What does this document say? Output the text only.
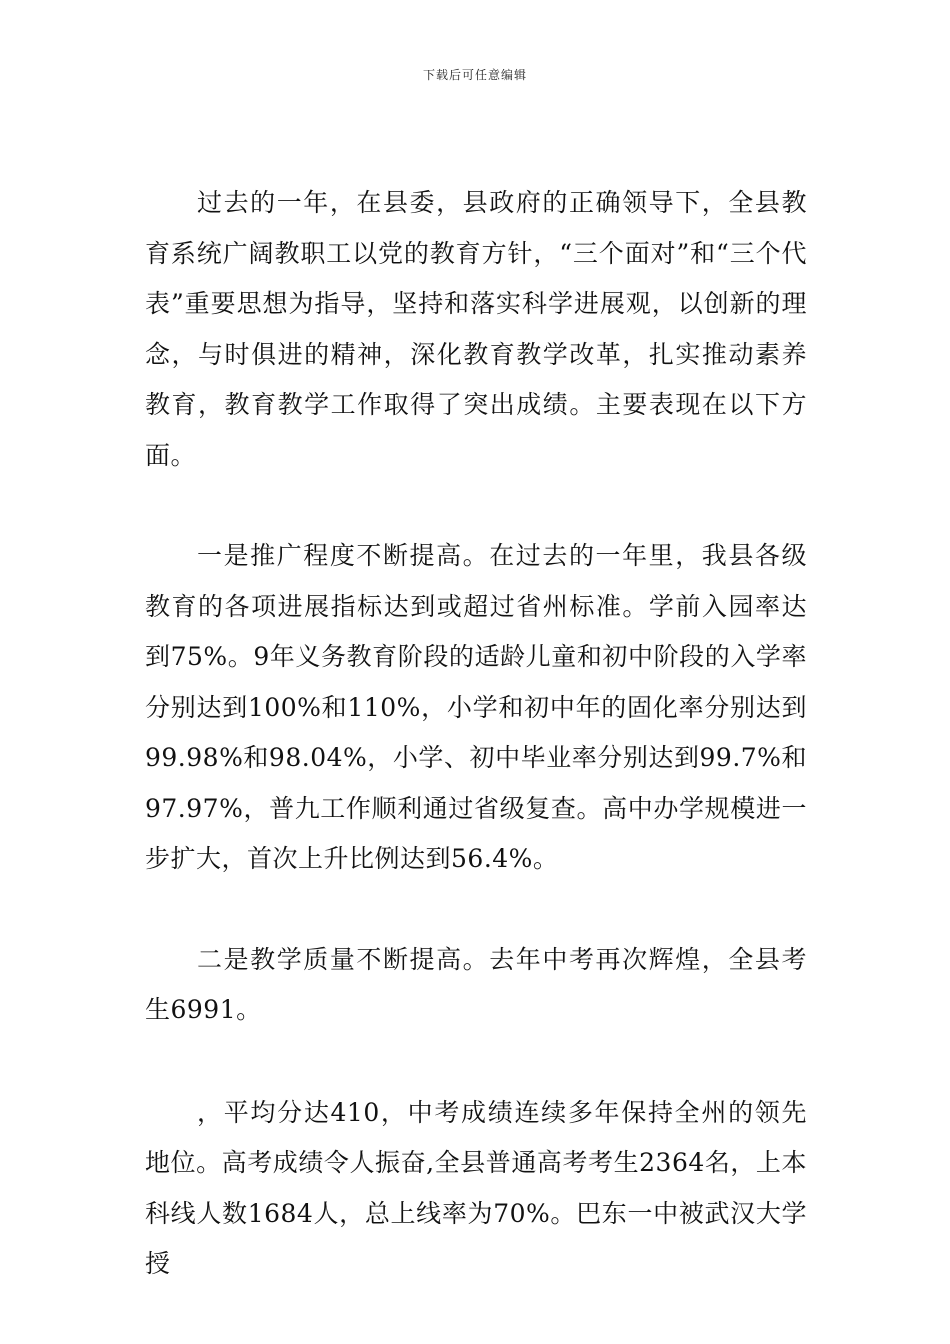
下载后可任意编辑

过去的一年，在县委，县政府的正确领导下，全县教育系统广阔教职工以党的教育方针，“三个面对”和“三个代表”重要思想为指导，坚持和落实科学进展观，以创新的理念，与时俱进的精神，深化教育教学改革，扎实推动素养教育，教育教学工作取得了突出成绩。主要表现在以下方面。

一是推广程度不断提高。在过去的一年里，我县各级教育的各项进展指标达到或超过省州标准。学前入园率达到75%。9年义务教育阶段的适龄儿童和初中阶段的入学率分别达到100%和110%，小学和初中年的固化率分别达到99.98%和98.04%，小学、初中毕业率分别达到99.7%和97.97%，普九工作顺利通过省级复查。高中办学规模进一步扩大，首次上升比例达到56.4%。

二是教学质量不断提高。去年中考再次辉煌，全县考生6991。

，平均分达410，中考成绩连续多年保持全州的领先地位。高考成绩令人振奋,全县普通高考考生2364名，上本科线人数1684人，总上线率为70%。巴东一中被武汉大学授
